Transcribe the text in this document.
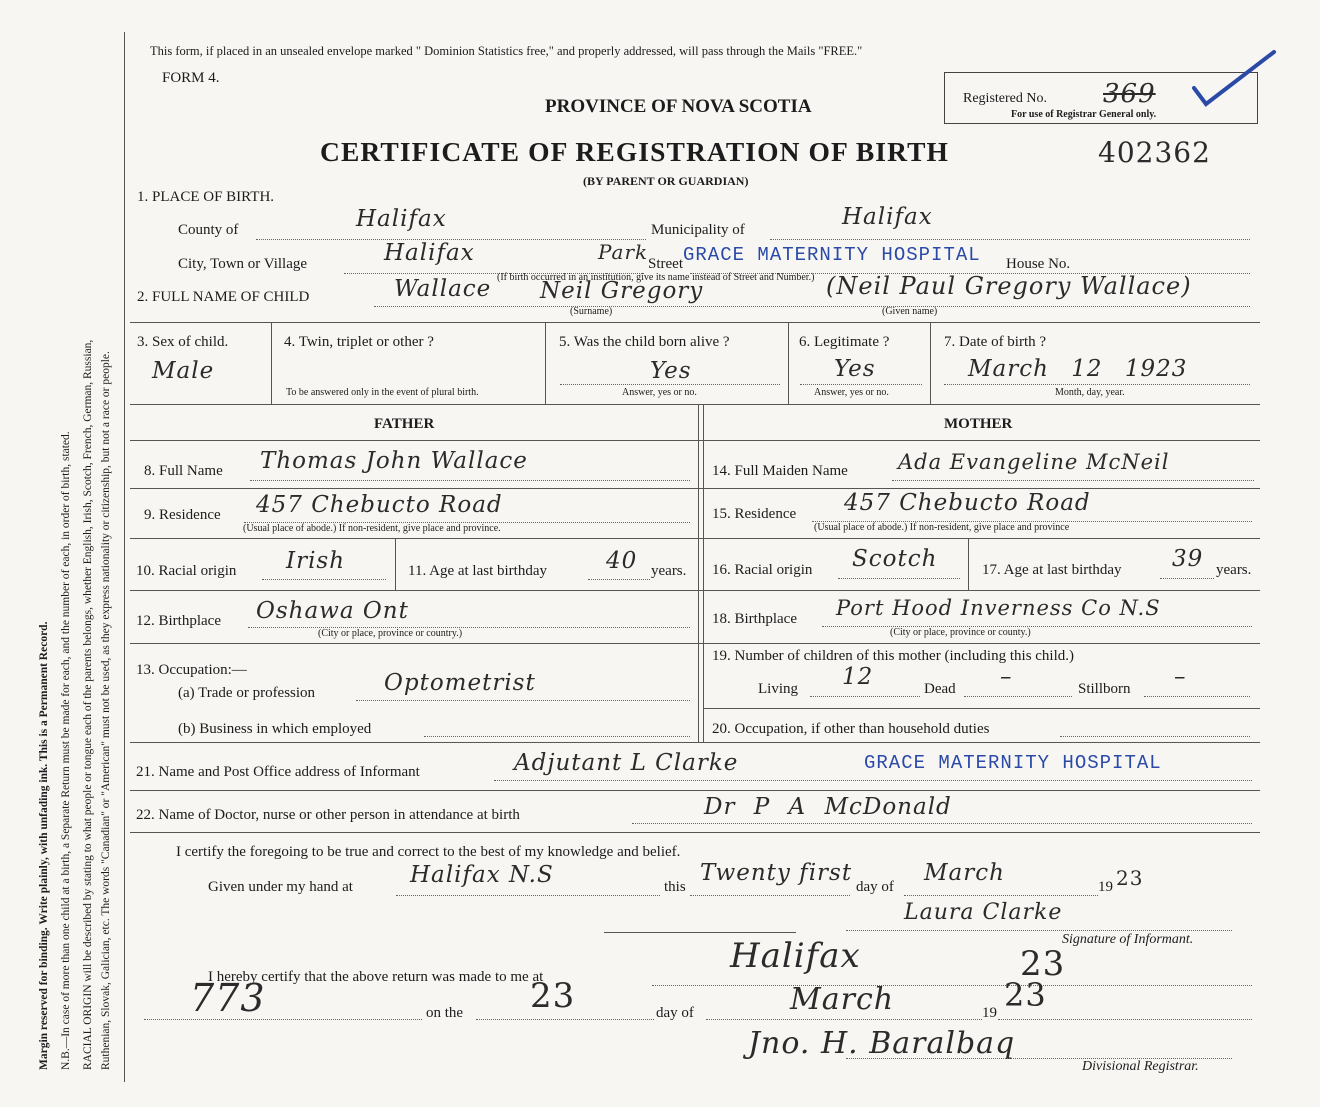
Margin reserved for binding. Write plainly, with unfading ink. This is a Permanent Record. N.B.—In case of more than one child at a birth, a Separate Return must be made for each, and the number of each, in order of birth, stated. RACIAL ORIGIN will be described by stating to what people or tongue each of the parents belongs, whether English, Irish, Scotch, French, German, Russian, Ruthenian, Slovak, Galician, etc. The words "Canadian" or "American" must not be used, as they express nationality or citizenship, but not a race or people.
This form, if placed in an unsealed envelope marked " Dominion Statistics free," and properly addressed, will pass through the Mails "FREE."
FORM 4.
PROVINCE OF NOVA SCOTIA
CERTIFICATE OF REGISTRATION OF BIRTH
(BY PARENT OR GUARDIAN)
402362
Registered No. 369
For use of Registrar General only.
1. PLACE OF BIRTH.
County of	Halifax	Municipality of	Halifax
City, Town or Village	Halifax	Park Street GRACE MATERNITY HOSPITAL House No.
(If birth occurred in an institution, give its name instead of Street and Number.)
2. FULL NAME OF CHILD	Wallace Neil Gregory	(Neil Paul Gregory Wallace)
(Surname)	(Given name)
3. Sex of child.
Male
4. Twin, triplet or other ?
To be answered only in the event of plural birth.
5. Was the child born alive ?
Yes
Answer, yes or no.
6. Legitimate ?
Yes
Answer, yes or no.
7. Date of birth ?
March 12 1923
Month, day, year.
FATHER	MOTHER
8. Full Name Thomas John Wallace	14. Full Maiden Name Ada Evangeline McNeil
9. Residence 457 Chebucto Road
(Usual place of abode.) If non-resident, give place and province.
15. Residence 457 Chebucto Road
(Usual place of abode.) If non-resident, give place and province
10. Racial origin Irish	11. Age at last birthday	40 years. 16. Racial origin Scotch	17. Age at last birthday 39 years.
12. Birthplace Oshawa Ont
(City or place, province or country.)
18. Birthplace Port Hood Inverness Co N.S
(City or place, province or county.)
13. Occupation:—
(a) Trade or profession	Optometrist
(b) Business in which employed
19. Number of children of this mother (including this child.)
Living 12	Dead –	Stillborn –
20. Occupation, if other than household duties
21. Name and Post Office address of Informant	Adjutant L Clarke	GRACE MATERNITY HOSPITAL
22. Name of Doctor, nurse or other person in attendance at birth	Dr P A McDonald
I certify the foregoing to be true and correct to the best of my knowledge and belief.
Given under my hand at Halifax N.S	this
Twenty first
day of
March
19 23
Laura Clarke
Signature of Informant.
I hereby certify that the above return was made to me at
Halifax	23
773	on the 23	day of	March	19 23
Jno. H. Baralbaq
Divisional Registrar.
